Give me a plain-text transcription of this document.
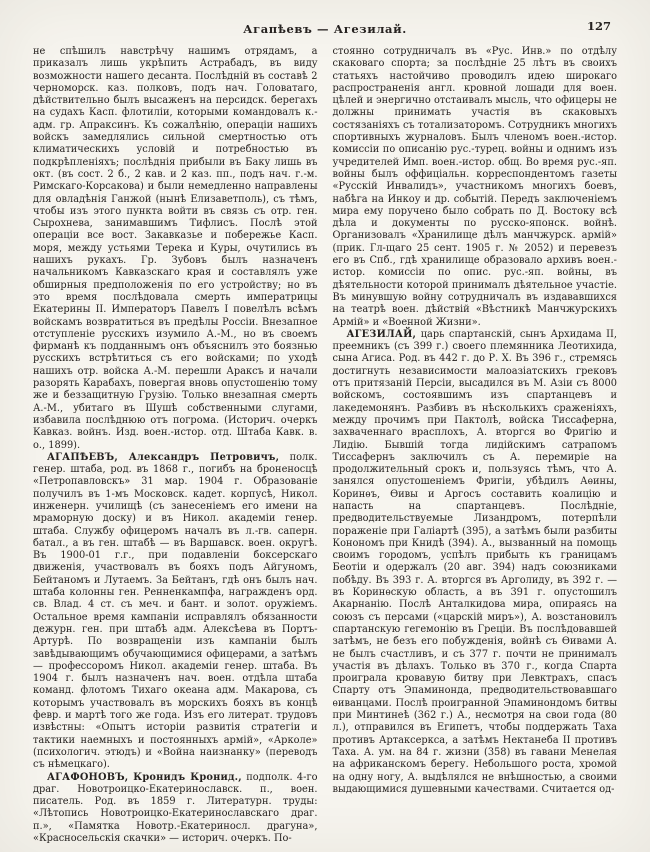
Агапѣевъ — Агезилай.	127

не спѣшилъ навстрѣчу нашимъ отрядамъ, а приказалъ лишь укрѣпить Астрабадъ, въ виду возможности нашего десанта. Послѣдній въ составѣ 2 черноморск. каз. полковъ, подъ нач. Головатаго, дѣйствительно былъ высаженъ на персидск. берегахъ на судахъ Касп. флотиліи, которыми командовалъ к.-адм. гр. Апраксинъ. Къ сожалѣнію, операціи нашихъ войскъ замедлялись сильной смертностью отъ климатическихъ условій и потребностью въ подкрѣпленіяхъ; послѣднія прибыли въ Баку лишь въ окт. (въ сост. 2 б., 2 кав. и 2 каз. пп., подъ нач. г.-м. Римскаго-Корсакова) и были немедленно направлены для овладѣнія Ганжой (нынѣ Елизаветполь), съ тѣмъ, чтобы изъ этого пункта войти въ связь съ отр. ген. Сырохнева, занимавшимъ Тифлисъ. Послѣ этой операціи все вост. Закавказье и побережье Касп. моря, между устьями Терека и Куры, очутились въ нашихъ рукахъ. Гр. Зубовъ былъ назначенъ начальникомъ Кавказскаго края и составлялъ уже обширныя предположенія по его устройству; но въ это время послѣдовала смерть императрицы Екатерины II. Императоръ Павелъ I повелѣлъ всѣмъ войскамъ возвратиться въ предѣлы Россіи. Внезапное отступленіе русскихъ изумило А.-М., но въ своемъ фирманѣ къ подданнымъ онъ объяснилъ это боязнью русскихъ встрѣтиться съ его войсками; по уходѣ нашихъ отр. войска А.-М. перешли Араксъ и начали разорять Карабахъ, повергая вновь опустошенію тому же и беззащитную Грузію. Только внезапная смерть А.-М., убитаго въ Шушѣ собственными слугами, избавила послѣднюю отъ погрома. (Историч. очеркъ Кавказ. войнъ. Изд. воен.-истор. отд. Штаба Кавк. в. о., 1899).

АГАПѢЕВЪ, Александръ Петровичъ, полк. генер. штаба, род. въ 1868 г., погибъ на броненосцѣ «Петропавловскъ» 31 мар. 1904 г. Образованіе получилъ въ 1-мъ Московск. кадет. корпусѣ, Никол. инженерн. училищѣ (съ занесеніемъ его имени на мраморную доску) и въ Никол. академіи генер. штаба. Службу офицеромъ началъ въ л.-гв. саперн. батал., а въ ген. штабѣ — въ Варшавск. воен. округѣ. Въ 1900-01 г.г., при подавленіи боксерскаго движенія, участвовалъ въ бояхъ подъ Айгуномъ, Бейтаномъ и Лутаемъ. За Бейтанъ, гдѣ онъ былъ нач. штаба колонны ген. Ренненкампфа, награжденъ орд. св. Влад. 4 ст. съ меч. и бант. и золот. оружіемъ. Остальное время кампаніи исправлялъ обязанности дежурн. ген. при штабѣ адм. Алексѣева въ Портъ-Артурѣ. По возвращеніи изъ кампаніи былъ завѣдывающимъ обучающимися офицерами, а затѣмъ — профессоромъ Никол. академіи генер. штаба. Въ 1904 г. былъ назначенъ нач. воен. отдѣла штаба команд. флотомъ Тихаго океана адм. Макарова, съ которымъ участвовалъ въ морскихъ бояхъ въ концѣ февр. и мартѣ того же года. Изъ его литерат. трудовъ извѣстны: «Опытъ исторіи развитія стратегіи и тактики наемныхъ и постоянныхъ армій», «Арколе» (психологич. этюдъ) и «Война наизнанку» (переводъ съ нѣмецкаго).

АГАФОНОВЪ, Кронидъ Кронид., подполк. 4-го драг. Новотроицко-Екатеринославск. п., воен. писатель. Род. въ 1859 г. Литературн. труды: «Лѣтопись Новотроицко-Екатеринославскаго драг. п.», «Памятка Новотр.-Екатериносл. драгуна», «Красносельскія скачки» — историч. очеркъ. По-

стоянно сотрудничалъ въ «Рус. Инв.» по отдѣлу скаковаго спорта; за послѣдніе 25 лѣтъ въ своихъ статьяхъ настойчиво проводилъ идею широкаго распространенія англ. кровной лошади для воен. цѣлей и энергично отстаивалъ мысль, что офицеры не должны принимать участія въ скаковыхъ состязаніяхъ съ тотализаторомъ. Сотрудникъ многихъ спортивныхъ журналовъ. Былъ членомъ воен.-истор. комиссіи по описанію рус.-турец. войны и однимъ изъ учредителей Имп. воен.-истор. общ. Во время рус.-яп. войны былъ оффиціальн. корреспондентомъ газеты «Русскій Инвалидъ», участникомъ многихъ боевъ, набѣга на Инкоу и др. событій. Передъ заключеніемъ мира ему поручено было собрать по Д. Востоку всѣ дѣла и документы по русско-японск. войнѣ. Организовалъ «Хранилище дѣлъ манчжурск. армій» (прик. Гл-щаго 25 сент. 1905 г. № 2052) и перевезъ его въ Спб., гдѣ хранилище образовало архивъ воен.-истор. комиссіи по опис. рус.-яп. войны, въ дѣятельности которой принималъ дѣятельное участіе. Въ минувшую войну сотрудничалъ въ издававшихся на театрѣ воен. дѣйствій «Вѣстникѣ Манчжурскихъ Армій» и «Военной Жизни».

АГЕЗИЛАЙ, царь спартанскій, сынъ Архидама II, преемникъ (съ 399 г.) своего племянника Леотихида, сына Агиса. Род. въ 442 г. до Р. Х. Въ 396 г., стремясь достигнуть независимости малоазіатскихъ грековъ отъ притязаній Персіи, высадился въ М. Азіи съ 8000 войскомъ, состоявшимъ изъ спартанцевъ и лакедемонянъ. Разбивъ въ нѣсколькихъ сраженіяхъ, между прочимъ при Пактолѣ, войска Тиссаферна, захваченнаго врасплохъ, А. вторгся во Фригію и Лидію. Бывшій тогда лидійскимъ сатрапомъ Тиссафернъ заключилъ съ А. перемиріе на продолжительный срокъ и, пользуясь тѣмъ, что А. занялся опустошеніемъ Фригіи, убѣдилъ Аѳины, Коринѳъ, Ѳивы и Аргосъ составить коалицію и напасть на спартанцевъ. Послѣдніе, предводительствуемые Лизандромъ, потерпѣли пораженіе при Галіартѣ (395), а затѣмъ были разбиты Конономъ при Книдѣ (394). А., вызванный на помощь своимъ городомъ, успѣлъ прибыть къ границамъ Беотіи и одержалъ (20 авг. 394) надъ союзниками побѣду. Въ 393 г. А. вторгся въ Арголиду, въ 392 г. — въ Коринѳскую область, а въ 391 г. опустошилъ Акарнанію. Послѣ Анталкидова мира, опираясь на союзъ съ персами («царскій миръ»), А. возстановилъ спартанскую гегемонію въ Греціи. Въ послѣдовавшей затѣмъ, не безъ его побужденія, войнѣ съ Ѳивами А. не былъ счастливъ, и съ 377 г. почти не принималъ участія въ дѣлахъ. Только въ 370 г., когда Спарта проиграла кровавую битву при Левктрахъ, спасъ Спарту отъ Эпаминонда, предводительствовавшаго ѳиванцами. Послѣ проигранной Эпаминондомъ битвы при Минтинеѣ (362 г.) А., несмотря на свои года (80 л.), отправился въ Египетъ, чтобы поддержать Таха противъ Артаксеркса, а затѣмъ Нектанеба II противъ Таха. А. ум. на 84 г. жизни (358) въ гавани Менелая на африканскомъ берегу. Небольшого роста, хромой на одну ногу, А. выдѣлялся не внѣшностью, а своими выдающимися душевными качествами. Считается од-
